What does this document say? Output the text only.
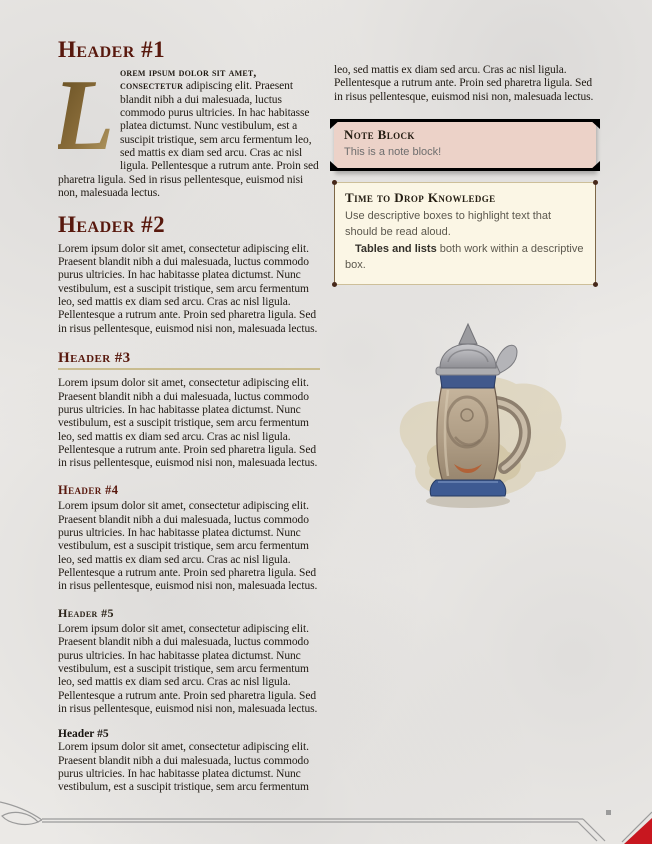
Header #1

L orem ipsum dolor sit amet, consectetur adipiscing elit. Praesent blandit nibh a dui malesuada, luctus commodo purus ultricies. In hac habitasse platea dictumst. Nunc vestibulum, est a suscipit tristique, sem arcu fermentum leo, sed mattis ex diam sed arcu. Cras ac nisl ligula. Pellentesque a rutrum ante. Proin sed pharetra ligula. Sed in risus pellentesque, euismod nisi non, malesuada lectus.

Header #2

Lorem ipsum dolor sit amet, consectetur adipiscing elit. Praesent blandit nibh a dui malesuada, luctus commodo purus ultricies. In hac habitasse platea dictumst. Nunc vestibulum, est a suscipit tristique, sem arcu fermentum leo, sed mattis ex diam sed arcu. Cras ac nisl ligula. Pellentesque a rutrum ante. Proin sed pharetra ligula. Sed in risus pellentesque, euismod nisi non, malesuada lectus.

Header #3

Lorem ipsum dolor sit amet, consectetur adipiscing elit. Praesent blandit nibh a dui malesuada, luctus commodo purus ultricies. In hac habitasse platea dictumst. Nunc vestibulum, est a suscipit tristique, sem arcu fermentum leo, sed mattis ex diam sed arcu. Cras ac nisl ligula. Pellentesque a rutrum ante. Proin sed pharetra ligula. Sed in risus pellentesque, euismod nisi non, malesuada lectus.

Header #4

Lorem ipsum dolor sit amet, consectetur adipiscing elit. Praesent blandit nibh a dui malesuada, luctus commodo purus ultricies. In hac habitasse platea dictumst. Nunc vestibulum, est a suscipit tristique, sem arcu fermentum leo, sed mattis ex diam sed arcu. Cras ac nisl ligula. Pellentesque a rutrum ante. Proin sed pharetra ligula. Sed in risus pellentesque, euismod nisi non, malesuada lectus.

Header #5

Lorem ipsum dolor sit amet, consectetur adipiscing elit. Praesent blandit nibh a dui malesuada, luctus commodo purus ultricies. In hac habitasse platea dictumst. Nunc vestibulum, est a suscipit tristique, sem arcu fermentum leo, sed mattis ex diam sed arcu. Cras ac nisl ligula. Pellentesque a rutrum ante. Proin sed pharetra ligula. Sed in risus pellentesque, euismod nisi non, malesuada lectus.

Header #5

Lorem ipsum dolor sit amet, consectetur adipiscing elit. Praesent blandit nibh a dui malesuada, luctus commodo purus ultricies. In hac habitasse platea dictumst. Nunc vestibulum, est a suscipit tristique, sem arcu fermentum

leo, sed mattis ex diam sed arcu. Cras ac nisl ligula. Pellentesque a rutrum ante. Proin sed pharetra ligula. Sed in risus pellentesque, euismod nisi non, malesuada lectus.

Note Block
This is a note block!
Time to Drop Knowledge

Use descriptive boxes to highlight text that should be read aloud.

Tables and lists both work within a descriptive box.
